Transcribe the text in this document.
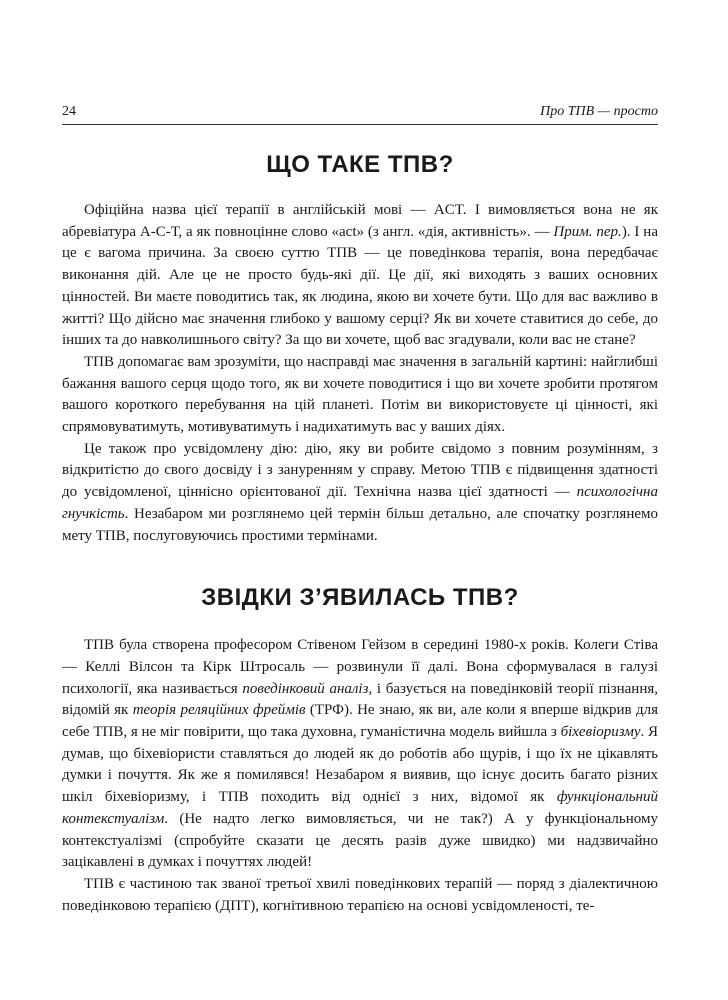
24	Про ТПВ — просто
ЩО ТАКЕ ТПВ?

Офіційна назва цієї терапії в англійській мові — ACT. І вимовляється вона не як абревіатура А-С-Т, а як повноцінне слово «act» (з англ. «дія, активність». — Прим. пер.). І на це є вагома причина. За своєю суттю ТПВ — це поведінкова терапія, вона передбачає виконання дій. Але це не просто будь-які дії. Це дії, які виходять з ваших основних цінностей. Ви маєте поводитись так, як людина, якою ви хочете бути. Що для вас важливо в житті? Що дійсно має значення глибоко у вашому серці? Як ви хочете ставитися до себе, до інших та до навколишнього світу? За що ви хочете, щоб вас згадували, коли вас не стане?

ТПВ допомагає вам зрозуміти, що насправді має значення в загальній картині: найглибші бажання вашого серця щодо того, як ви хочете поводитися і що ви хочете зробити протягом вашого короткого перебування на цій планеті. Потім ви використовуєте ці цінності, які спрямовуватимуть, мотивуватимуть і надихатимуть вас у ваших діях.

Це також про усвідомлену дію: дію, яку ви робите свідомо з повним розумінням, з відкритістю до свого досвіду і з зануренням у справу. Метою ТПВ є підвищення здатності до усвідомленої, ціннісно орієнтованої дії. Технічна назва цієї здатності — психологічна гнучкість. Незабаром ми розглянемо цей термін більш детально, але спочатку розглянемо мету ТПВ, послуговуючись простими термінами.

ЗВІДКИ З’ЯВИЛАСЬ ТПВ?

ТПВ була створена професором Стівеном Гейзом в середині 1980-х років. Колеги Стіва — Келлі Вілсон та Кірк Штросаль — розвинули її далі. Вона сформувалася в галузі психології, яка називається поведінковий аналіз, і базується на поведінковій теорії пізнання, відомій як теорія реляційних фреймів (ТРФ). Не знаю, як ви, але коли я вперше відкрив для себе ТПВ, я не міг повірити, що така духовна, гуманістична модель вийшла з біхевіоризму. Я думав, що біхевіористи ставляться до людей як до роботів або щурів, і що їх не цікавлять думки і почуття. Як же я помилявся! Незабаром я виявив, що існує досить багато різних шкіл біхевіоризму, і ТПВ походить від однієї з них, відомої як функціональний контекстуалізм. (Не надто легко вимовляється, чи не так?) А у функціональному контекстуалізмі (спробуйте сказати це десять разів дуже швидко) ми надзвичайно зацікавлені в думках і почуттях людей!

ТПВ є частиною так званої третьої хвилі поведінкових терапій — поряд з діалектичною поведінковою терапією (ДПТ), когнітивною терапією на основі усвідомленості, те-
